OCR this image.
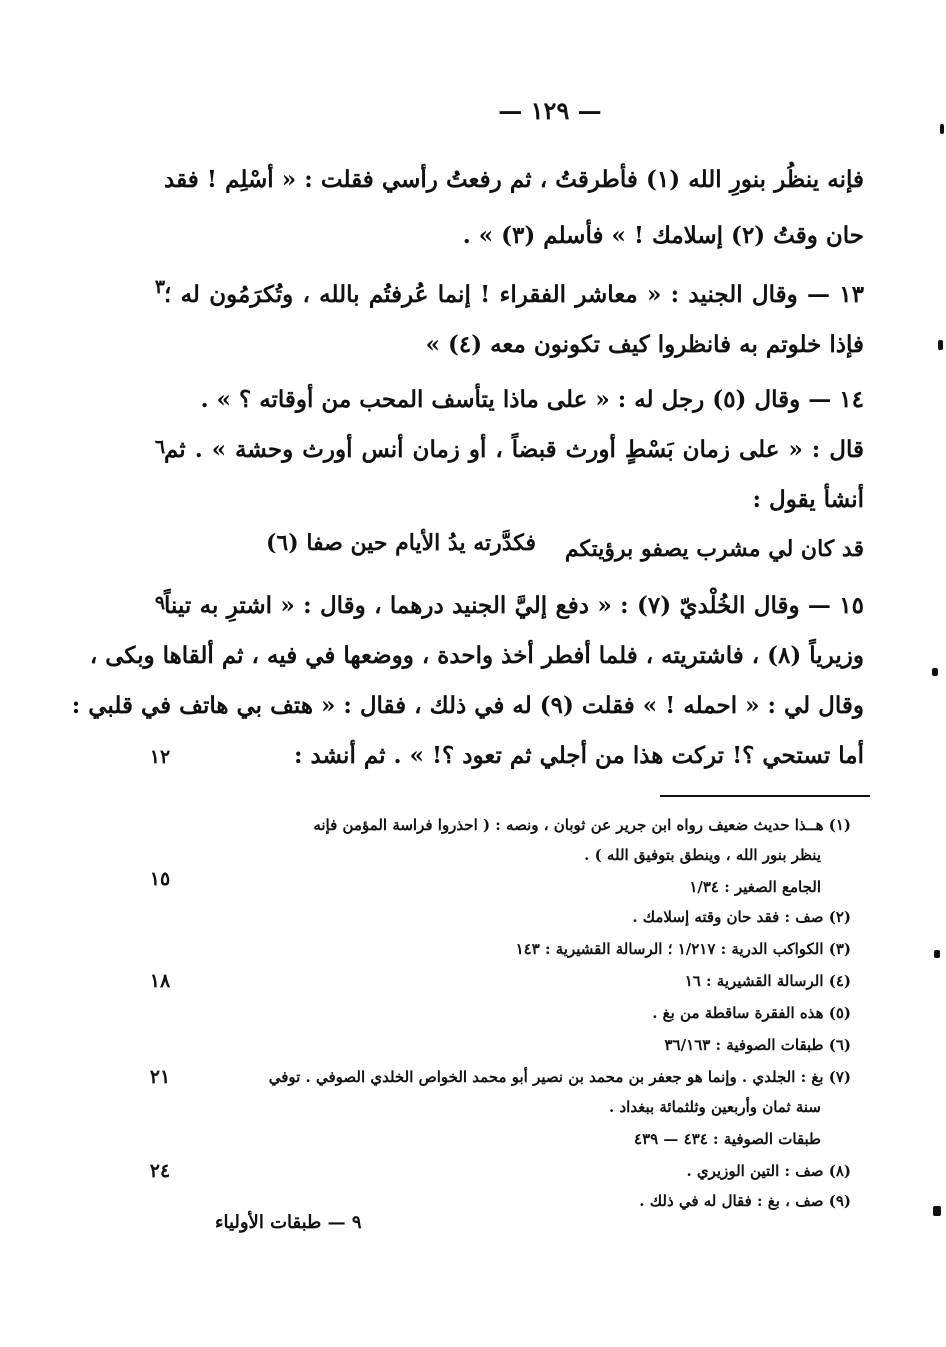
— ١٢٩ —
فإنه ينظُر بنورِ الله (١) فأطرقتُ ، ثم رفعتُ رأسي فقلت : « أسْلِم ! فقد
حان وقتُ (٢) إسلامك ! » فأسلم (٣) » .
١٣ — وقال الجنيد : « معاشر الفقراء ! إنما عُرفتُم بالله ، وتُكرَمُون له ؛
فإذا خلوتم به فانظروا كيف تكونون معه (٤) »
١٤ — وقال (٥) رجل له : « على ماذا يتأسف المحب من أوقاته ؟ » .
قال : « على زمان بَسْطٍ أورث قبضاً ، أو زمان أنس أورث وحشة » . ثم
أنشأ يقول :
قد كان لي مشرب يصفو برؤيتكم
فكدَّرته يدُ الأيام حين صفا (٦)
١٥ — وقال الخُلْديّ (٧) : « دفع إليَّ الجنيد درهما ، وقال : « اشترِ به تيناً
وزيرياً (٨) ، فاشتريته ، فلما أفطر أخذ واحدة ، ووضعها في فيه ، ثم ألقاها وبكى ،
وقال لي : « احمله ! » فقلت (٩) له في ذلك ، فقال : « هتف بي هاتف في قلبي :
أما تستحي ؟! تركت هذا من أجلي ثم تعود ؟! » . ثم أنشد :
٣
٦
٩
١٢
١٥
١٨
٢١
٢٤
(١) هــذا حديث ضعيف رواه ابن جرير عن ثوبان ، ونصه : ( احذروا فراسة المؤمن فإنه
ينظر بنور الله ، وينطق بتوفيق الله ) .
الجامع الصغير : ١/٣٤
(٢) صف : فقد حان وقته إسلامك .
(٣) الكواكب الدرية : ١/٢١٧ ؛ الرسالة القشيرية : ١٤٣
(٤) الرسالة القشيرية : ١٦
(٥) هذه الفقرة ساقطة من بغ .
(٦) طبقات الصوفية : ٣٦/١٦٣
(٧) بغ : الجلدي . وإنما هو جعفر بن محمد بن نصير أبو محمد الخواص الخلدي الصوفي . توفي
سنة ثمان وأربعين وثلثمائة ببغداد .
طبقات الصوفية : ٤٣٤ — ٤٣٩
(٨) صف : التين الوزيري .
(٩) صف ، بغ : فقال له في ذلك .
٩ — طبقات الأولياء
